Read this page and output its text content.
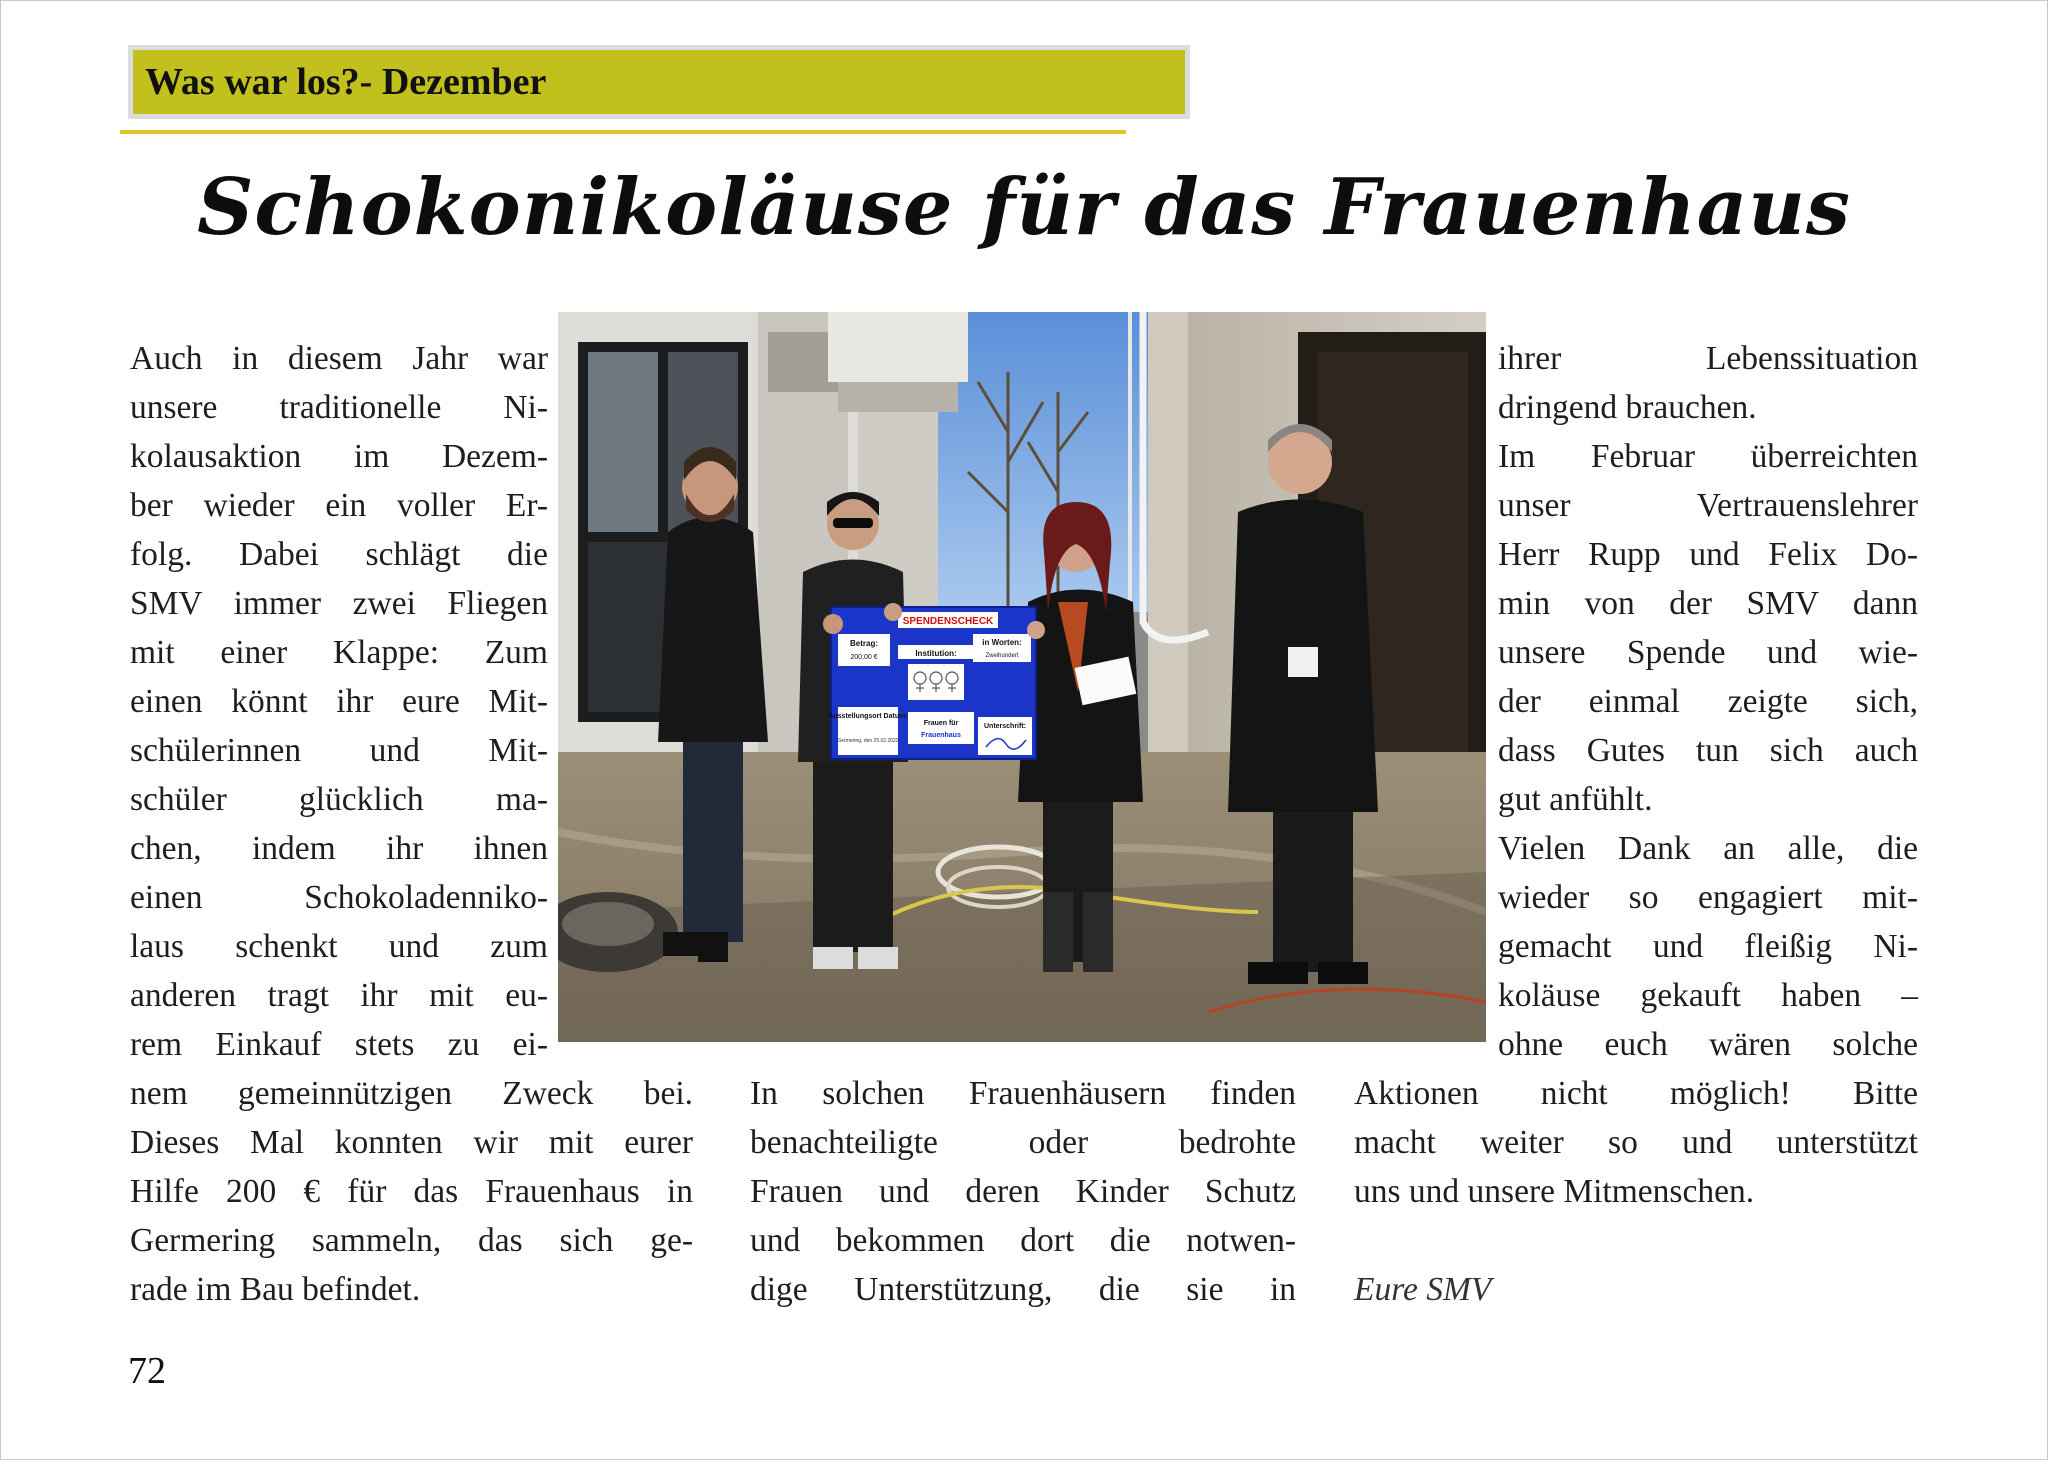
Was war los?- Dezember
Schokonikoläuse für das Frauenhaus
Auch in diesem Jahr war
unsere traditionelle Ni-
kolausaktion im Dezem-
ber wieder ein voller Er-
folg. Dabei schlägt die
SMV immer zwei Fliegen
mit einer Klappe: Zum
einen könnt ihr eure Mit-
schülerinnen und Mit-
schüler glücklich ma-
chen, indem ihr ihnen
einen Schokoladenniko-
laus schenkt und zum
anderen tragt ihr mit eu-
rem Einkauf stets zu ei-
nem gemeinnützigen Zweck bei.
Dieses Mal konnten wir mit eurer
Hilfe 200 € für das Frauenhaus in
Germering sammeln, das sich ge-
rade im Bau befindet.
In solchen Frauenhäusern finden
benachteiligte oder bedrohte
Frauen und deren Kinder Schutz
und bekommen dort die notwen-
dige Unterstützung, die sie in
ihrer Lebenssituation
dringend brauchen.
Im Februar überreichten
unser Vertrauenslehrer
Herr Rupp und Felix Do-
min von der SMV dann
unsere Spende und wie-
der einmal zeigte sich,
dass Gutes tun sich auch
gut anfühlt.
Vielen Dank an alle, die
wieder so engagiert mit-
gemacht und fleißig Ni-
koläuse gekauft haben –
ohne euch wären solche
Aktionen nicht möglich! Bitte
macht weiter so und unterstützt
uns und unsere Mitmenschen.
Eure SMV
SPENDENSCHECK
Betrag:
200,00 €
in Worten:
Zweihundert
Institution:
Ausstellungsort Datum:
Germering, den 25.02.2022
Frauen für
Frauenhaus
Unterschrift:
72
